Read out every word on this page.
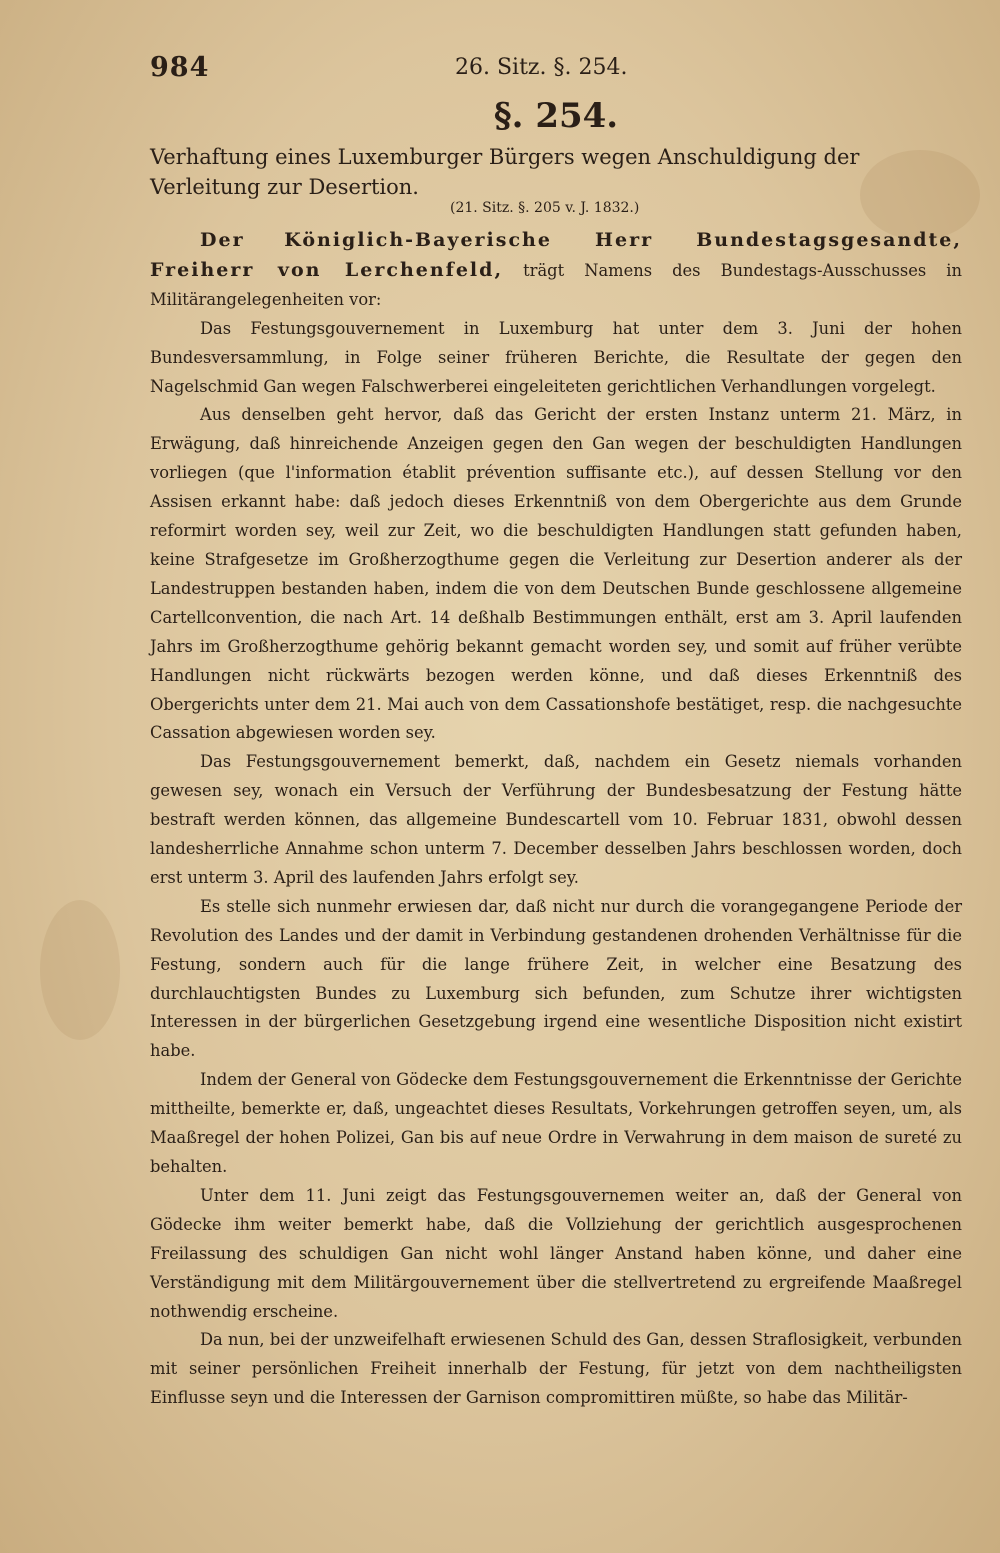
984	26. Sitz. §. 254.
§. 254.
Verhaftung eines Luxemburger Bürgers wegen Anschuldigung der Verleitung zur Desertion.
(21. Sitz. §. 205 v. J. 1832.)

Der Königlich-Bayerische Herr Bundestagsgesandte, Freiherr von Lerchenfeld, trägt Namens des Bundestags-Ausschusses in Militärangelegenheiten vor:

Das Festungsgouvernement in Luxemburg hat unter dem 3. Juni der hohen Bundesversammlung, in Folge seiner früheren Berichte, die Resultate der gegen den Nagelschmid Gan wegen Falschwerberei eingeleiteten gerichtlichen Verhandlungen vorgelegt.

Aus denselben geht hervor, daß das Gericht der ersten Instanz unterm 21. März, in Erwägung, daß hinreichende Anzeigen gegen den Gan wegen der beschuldigten Handlungen vorliegen (que l'information établit prévention suffisante etc.), auf dessen Stellung vor den Assisen erkannt habe: daß jedoch dieses Erkenntniß von dem Obergerichte aus dem Grunde reformirt worden sey, weil zur Zeit, wo die beschuldigten Handlungen statt gefunden haben, keine Strafgesetze im Großherzogthume gegen die Verleitung zur Desertion anderer als der Landestruppen bestanden haben, indem die von dem Deutschen Bunde geschlossene allgemeine Cartellconvention, die nach Art. 14 deßhalb Bestimmungen enthält, erst am 3. April laufenden Jahrs im Großherzogthume gehörig bekannt gemacht worden sey, und somit auf früher verübte Handlungen nicht rückwärts bezogen werden könne, und daß dieses Erkenntniß des Obergerichts unter dem 21. Mai auch von dem Cassationshofe bestätiget, resp. die nachgesuchte Cassation abgewiesen worden sey.

Das Festungsgouvernement bemerkt, daß, nachdem ein Gesetz niemals vorhanden gewesen sey, wonach ein Versuch der Verführung der Bundesbesatzung der Festung hätte bestraft werden können, das allgemeine Bundescartell vom 10. Februar 1831, obwohl dessen landesherrliche Annahme schon unterm 7. December desselben Jahrs beschlossen worden, doch erst unterm 3. April des laufenden Jahrs erfolgt sey.

Es stelle sich nunmehr erwiesen dar, daß nicht nur durch die vorangegangene Periode der Revolution des Landes und der damit in Verbindung gestandenen drohenden Verhältnisse für die Festung, sondern auch für die lange frühere Zeit, in welcher eine Besatzung des durchlauchtigsten Bundes zu Luxemburg sich befunden, zum Schutze ihrer wichtigsten Interessen in der bürgerlichen Gesetzgebung irgend eine wesentliche Disposition nicht existirt habe.

Indem der General von Gödecke dem Festungsgouvernement die Erkenntnisse der Gerichte mittheilte, bemerkte er, daß, ungeachtet dieses Resultats, Vorkehrungen getroffen seyen, um, als Maaßregel der hohen Polizei, Gan bis auf neue Ordre in Verwahrung in dem maison de sureté zu behalten.

Unter dem 11. Juni zeigt das Festungsgouvernemen weiter an, daß der General von Gödecke ihm weiter bemerkt habe, daß die Vollziehung der gerichtlich ausgesprochenen Freilassung des schuldigen Gan nicht wohl länger Anstand haben könne, und daher eine Verständigung mit dem Militärgouvernement über die stellvertretend zu ergreifende Maaßregel nothwendig erscheine.

Da nun, bei der unzweifelhaft erwiesenen Schuld des Gan, dessen Straflosigkeit, verbunden mit seiner persönlichen Freiheit innerhalb der Festung, für jetzt von dem nachtheiligsten Einflusse seyn und die Interessen der Garnison compromittiren müßte, so habe das Militär-
